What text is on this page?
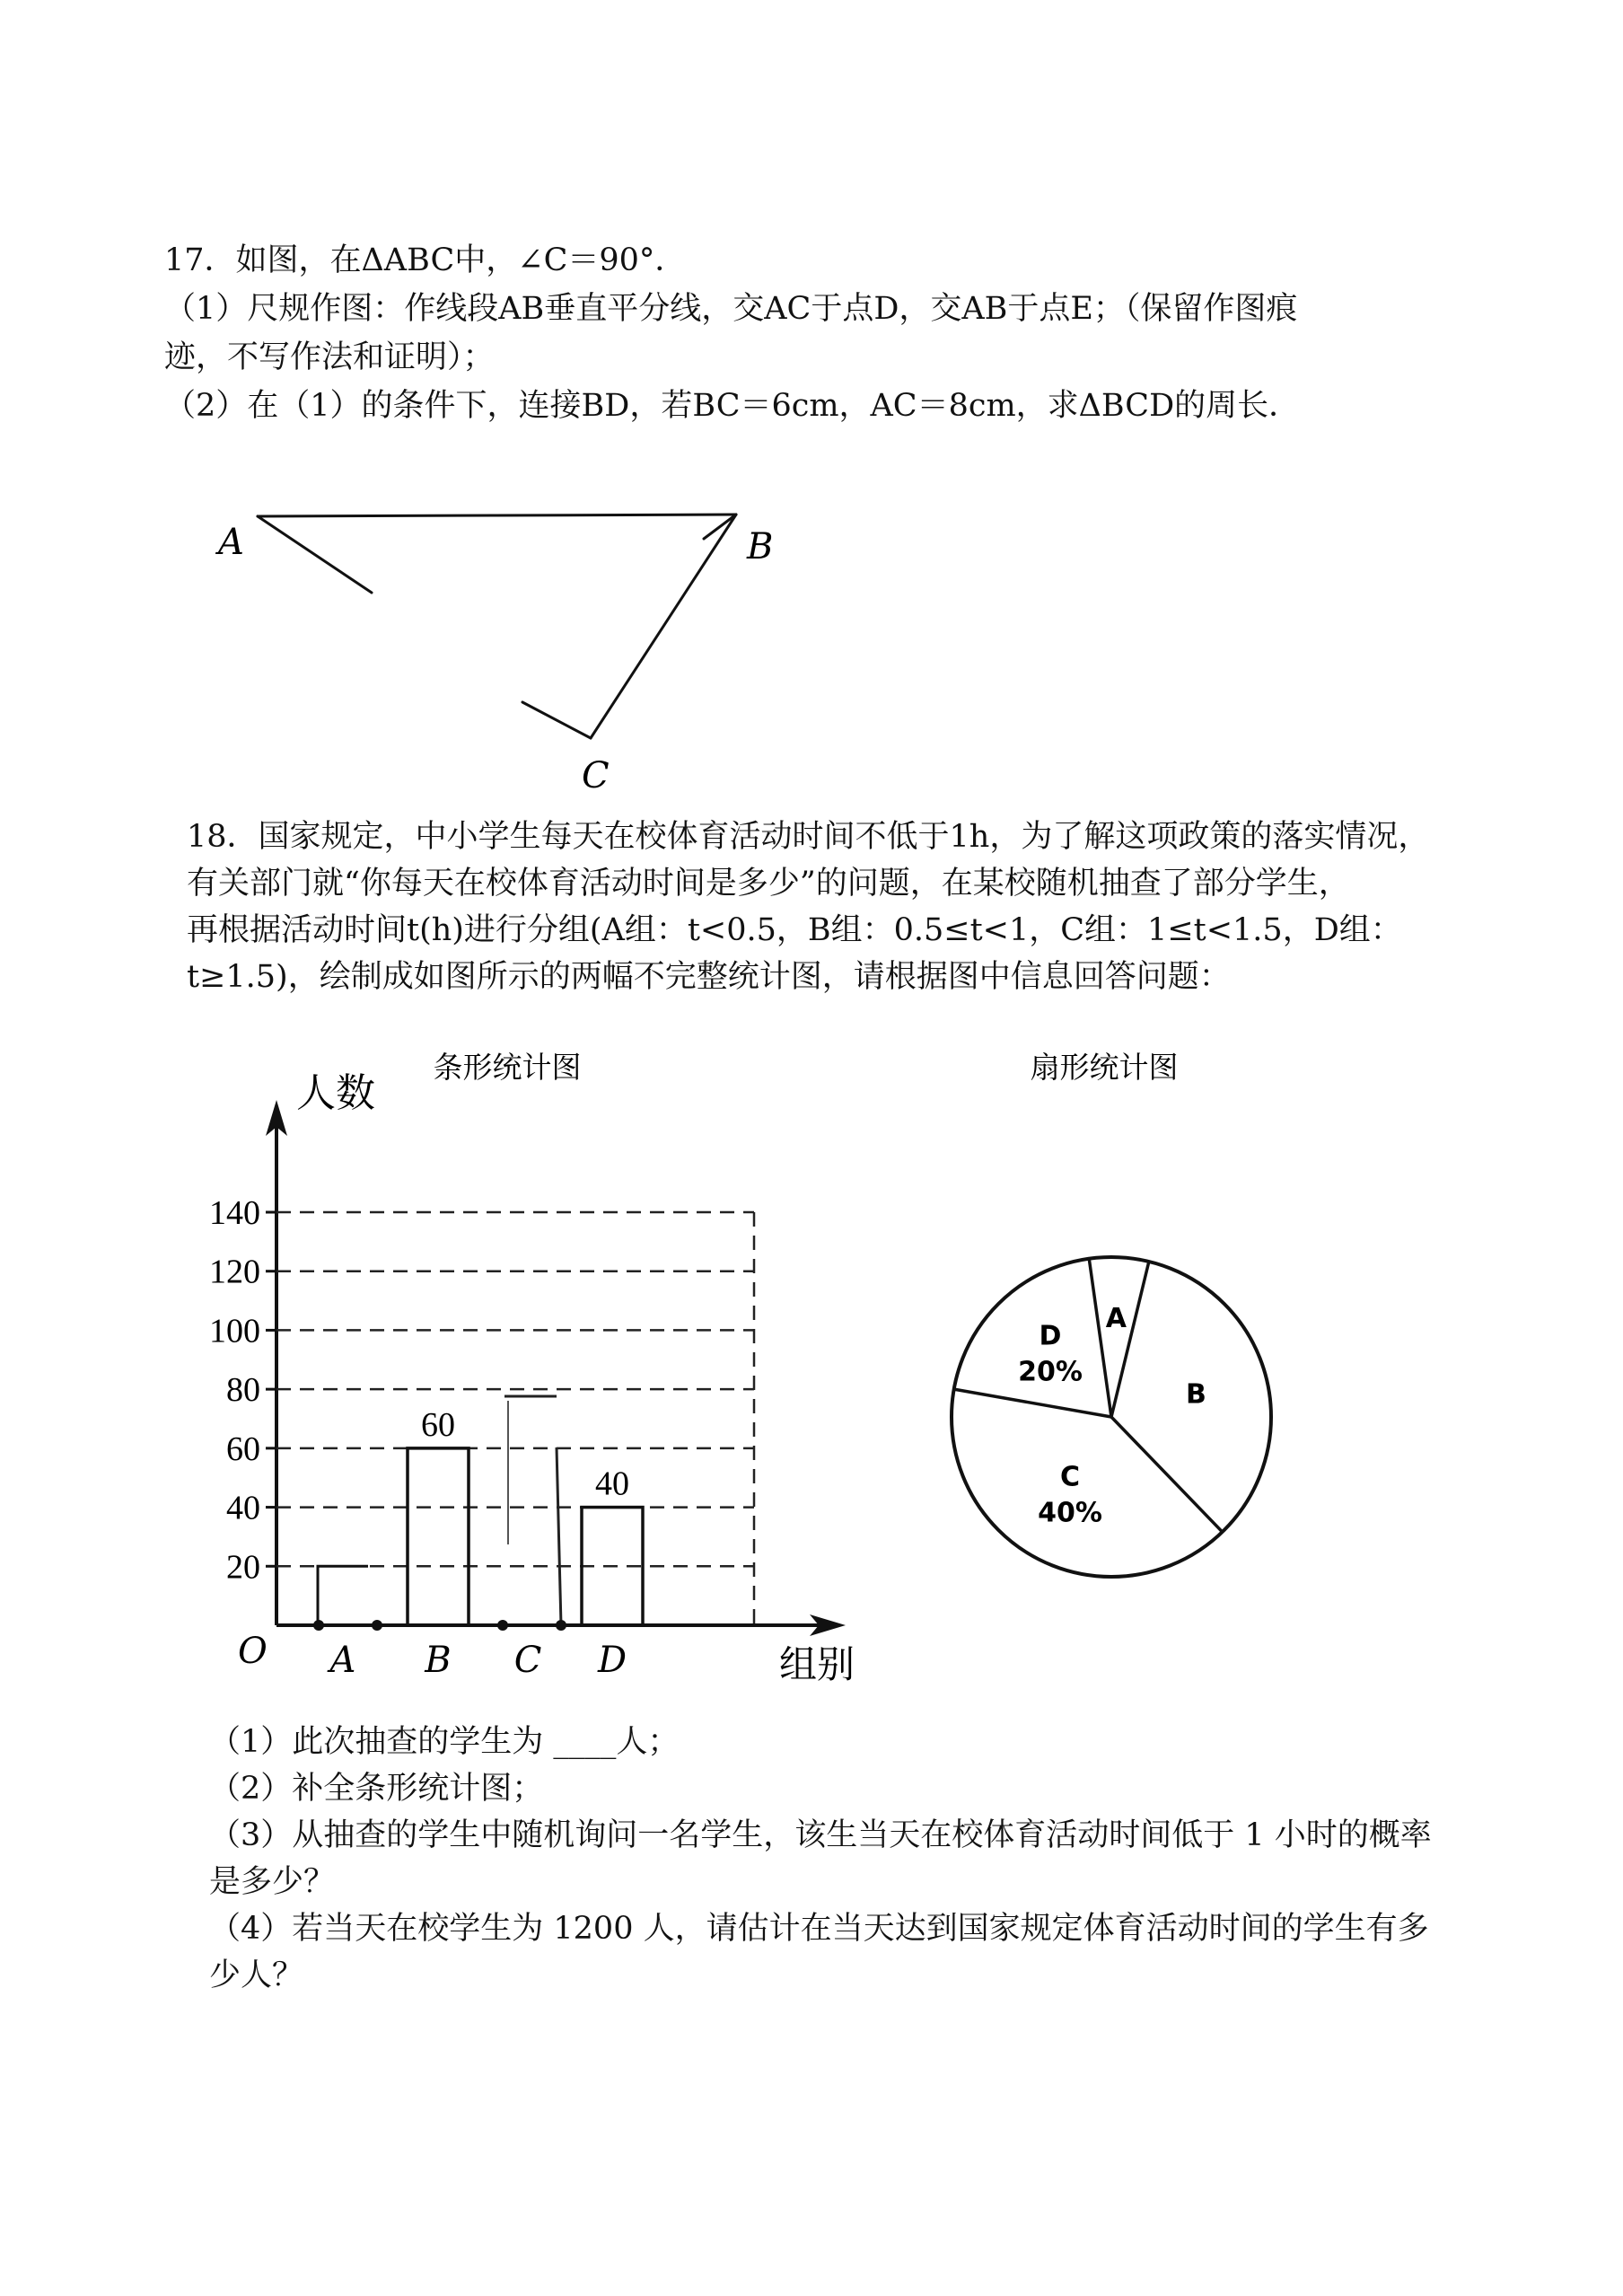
17．如图，在ΔABC中，∠C＝90°．
（1）尺规作图：作线段AB垂直平分线，交AC于点D，交AB于点E；（保留作图痕
迹，不写作法和证明）；
（2）在（1）的条件下，连接BD，若BC＝6cm，AC＝8cm，求ΔBCD的周长．
A	B
C
18．国家规定，中小学生每天在校体育活动时间不低于1h，为了解这项政策的落实情况，
有关部门就“你每天在校体育活动时间是多少”的问题，在某校随机抽查了部分学生，
再根据活动时间t(h)进行分组(A组：t<0.5，B组：0.5≤t<1，C组：1≤t<1.5，D组：
t≥1.5)，绘制成如图所示的两幅不完整统计图，请根据图中信息回答问题：
条形统计图
人数
组别
O
20
40
60
80
100
120
140
A B
60
C D
40
扇形统计图
A
B
C
40%
D
20%
（1）此次抽查的学生为 ____人；
（2）补全条形统计图；
（3）从抽查的学生中随机询问一名学生，该生当天在校体育活动时间低于 1 小时的概率
是多少？
（4）若当天在校学生为 1200 人，请估计在当天达到国家规定体育活动时间的学生有多
少人？
